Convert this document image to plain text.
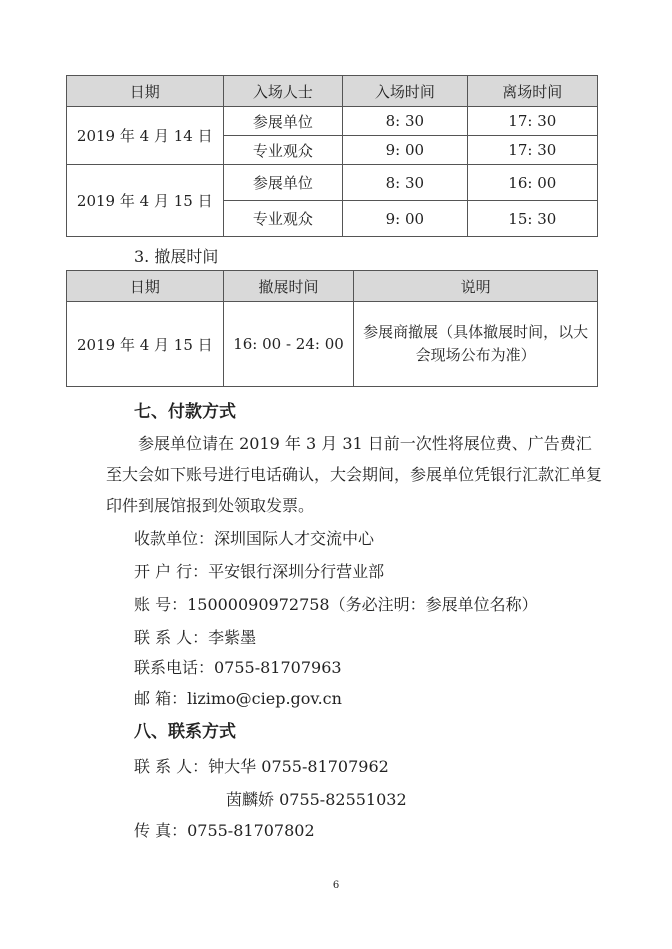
日期	入场人士	入场时间	离场时间
2019 年 4 月 14 日	参展单位	8: 30	17: 30
	专业观众	9: 00	17: 30
2019 年 4 月 15 日	参展单位	8: 30	16: 00
	专业观众	9: 00	15: 30
3. 撤展时间
日期	撤展时间	说明
2019 年 4 月 15 日	16: 00 - 24: 00	参展商撤展（具体撤展时间，以大会现场公布为准）
七、付款方式
参展单位请在 2019 年 3 月 31 日前一次性将展位费、广告费汇至大会如下账号进行电话确认，大会期间，参展单位凭银行汇款汇单复印件到展馆报到处领取发票。
收款单位：深圳国际人才交流中心
开 户 行：平安银行深圳分行营业部
账 号：15000090972758（务必注明：参展单位名称）
联 系 人：李紫墨
联系电话：0755-81707963
邮 箱：lizimo@ciep.gov.cn
八、联系方式
联 系 人：钟大华 0755-81707962
茵麟娇 0755-82551032
传 真：0755-81707802
6
